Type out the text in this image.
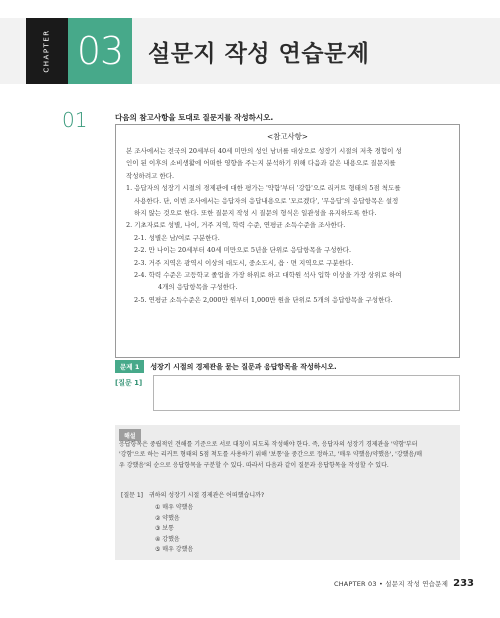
CHAPTER 03	설문지 작성 연습문제
01	다음의 참고사항을 토대로 질문지를 작성하시오.
<참고사항>
본 조사에서는 전국의 20세부터 40세 미만의 성인 남녀를 대상으로 성장기 시절의 저축 경험이 성
인이 된 이후의 소비생활에 어떠한 영향을 주는지 분석하기 위해 다음과 같은 내용으로 질문지를
작성하려고 한다.
1. 응답자의 성장기 시절의 경제관에 대한 평가는 '약함'부터 '강함'으로 리커트 형태의 5점 척도를
사용한다. 단, 이번 조사에서는 응답자의 응답내용으로 '모르겠다', '무응답'의 응답항목은 설정
하지 않는 것으로 한다. 또한 질문지 작성 시 질문의 형식은 일관성을 유지하도록 한다.
2. 기초자료로 성별, 나이, 거주 지역, 학력 수준, 연평균 소득수준을 조사한다.
2-1. 성별은 남/여로 구분한다.
2-2. 만 나이는 20세부터 40세 미만으로 5년을 단위로 응답항목을 구성한다.
2-3. 거주 지역은 광역시 이상의 대도시, 중소도시, 읍 · 면 지역으로 구분한다.
2-4. 학력 수준은 고등학교 졸업을 가장 하위로 하고 대학원 석사 입학 이상을 가장 상위로 하여
4개의 응답항목을 구성한다.
2-5. 연평균 소득수준은 2,000만 원부터 1,000만 원을 단위로 5개의 응답항목을 구성한다.
문제 1	성장기 시절의 경제관을 묻는 질문과 응답항목을 작성하시오.
[질문 1]
해설
응답항목은 중립적인 견해를 기준으로 서로 대칭이 되도록 작성해야 한다. 즉, 응답자의 성장기 경제관을 '약함'부터
'강함'으로 하는 리커트 형태의 5점 척도를 사용하기 위해 '보통'을 중간으로 정하고, '매우 약했음/약했음', '강했음/매
우 강했음'의 순으로 응답항목을 구분할 수 있다. 따라서 다음과 같이 질문과 응답항목을 작성할 수 있다.
[질문 1] 귀하의 성장기 시절 경제관은 어떠했습니까?
① 매우 약했음
② 약했음
③ 보통
④ 강했음
⑤ 매우 강했음
CHAPTER 03 • 설문지 작성 연습문제 233
